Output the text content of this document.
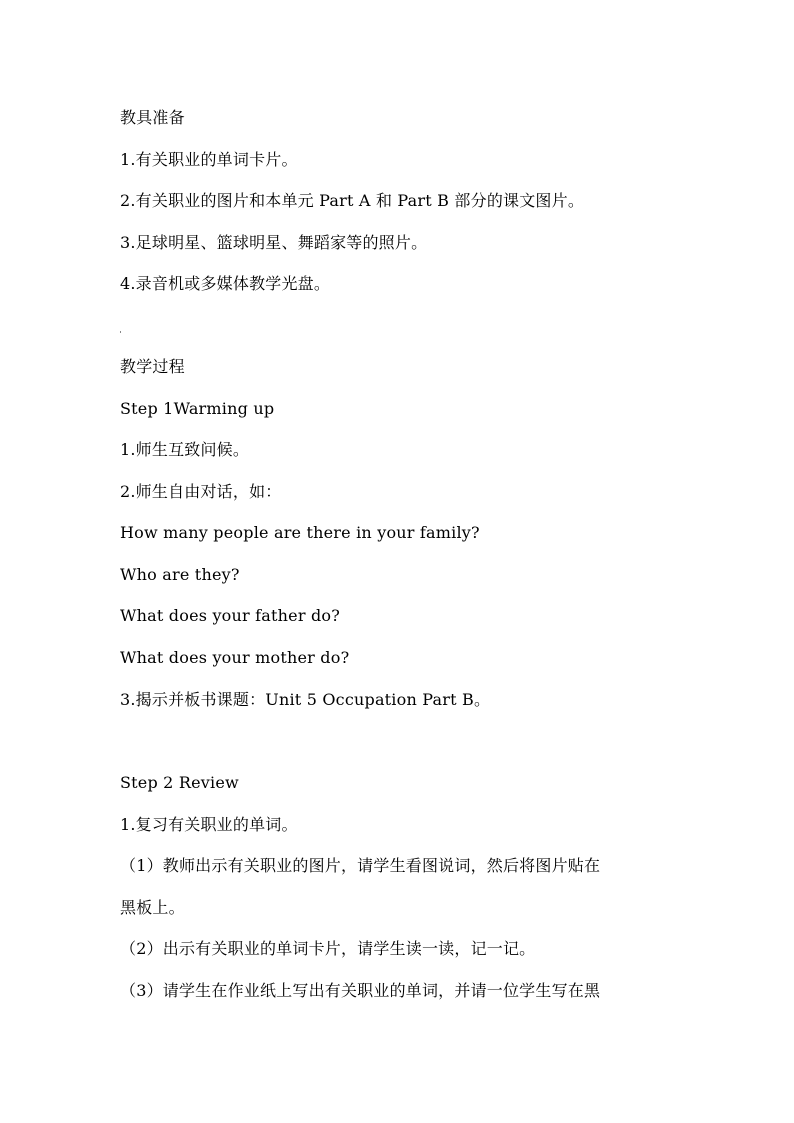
教具准备
1.有关职业的单词卡片。
2.有关职业的图片和本单元 Part A 和 Part B 部分的课文图片。
3.足球明星、篮球明星、舞蹈家等的照片。
4.录音机或多媒体教学光盘。
教学过程
Step 1Warming up
1.师生互致问候。
2.师生自由对话，如：
How many people are there in your family?
Who are they?
What does your father do?
What does your mother do?
3.揭示并板书课题：Unit 5 Occupation Part B。
Step 2 Review
1.复习有关职业的单词。
（1）教师出示有关职业的图片，请学生看图说词，然后将图片贴在
黑板上。
（2）出示有关职业的单词卡片，请学生读一读，记一记。
（3）请学生在作业纸上写出有关职业的单词，并请一位学生写在黑
